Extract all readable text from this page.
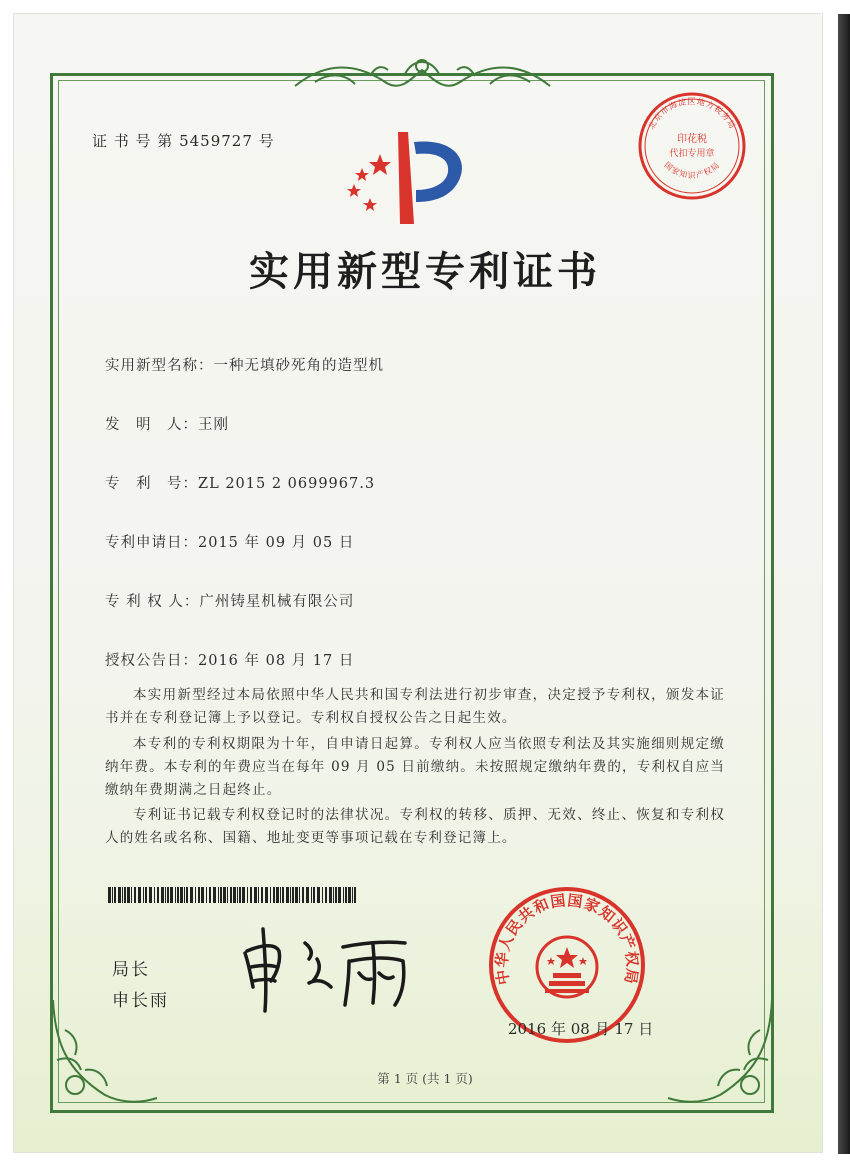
证 书 号 第 5459727 号
北京市海淀区地方税务局
印花税
代扣专用章
国家知识产权局
实用新型专利证书
实用新型名称：一种无填砂死角的造型机
发　明　人：王刚
专　利　号：ZL 2015 2 0699967.3
专利申请日：2015 年 09 月 05 日
专 利 权 人：广州铸星机械有限公司
授权公告日：2016 年 08 月 17 日
本实用新型经过本局依照中华人民共和国专利法进行初步审查，决定授予专利权，颁发本证书并在专利登记簿上予以登记。专利权自授权公告之日起生效。
本专利的专利权期限为十年，自申请日起算。专利权人应当依照专利法及其实施细则规定缴纳年费。本专利的年费应当在每年 09 月 05 日前缴纳。未按照规定缴纳年费的，专利权自应当缴纳年费期满之日起终止。
专利证书记载专利权登记时的法律状况。专利权的转移、质押、无效、终止、恢复和专利权人的姓名或名称、国籍、地址变更等事项记载在专利登记簿上。
局长
申长雨
中华人民共和国国家知识产权局
2016 年 08 月 17 日
第 1 页 (共 1 页)
